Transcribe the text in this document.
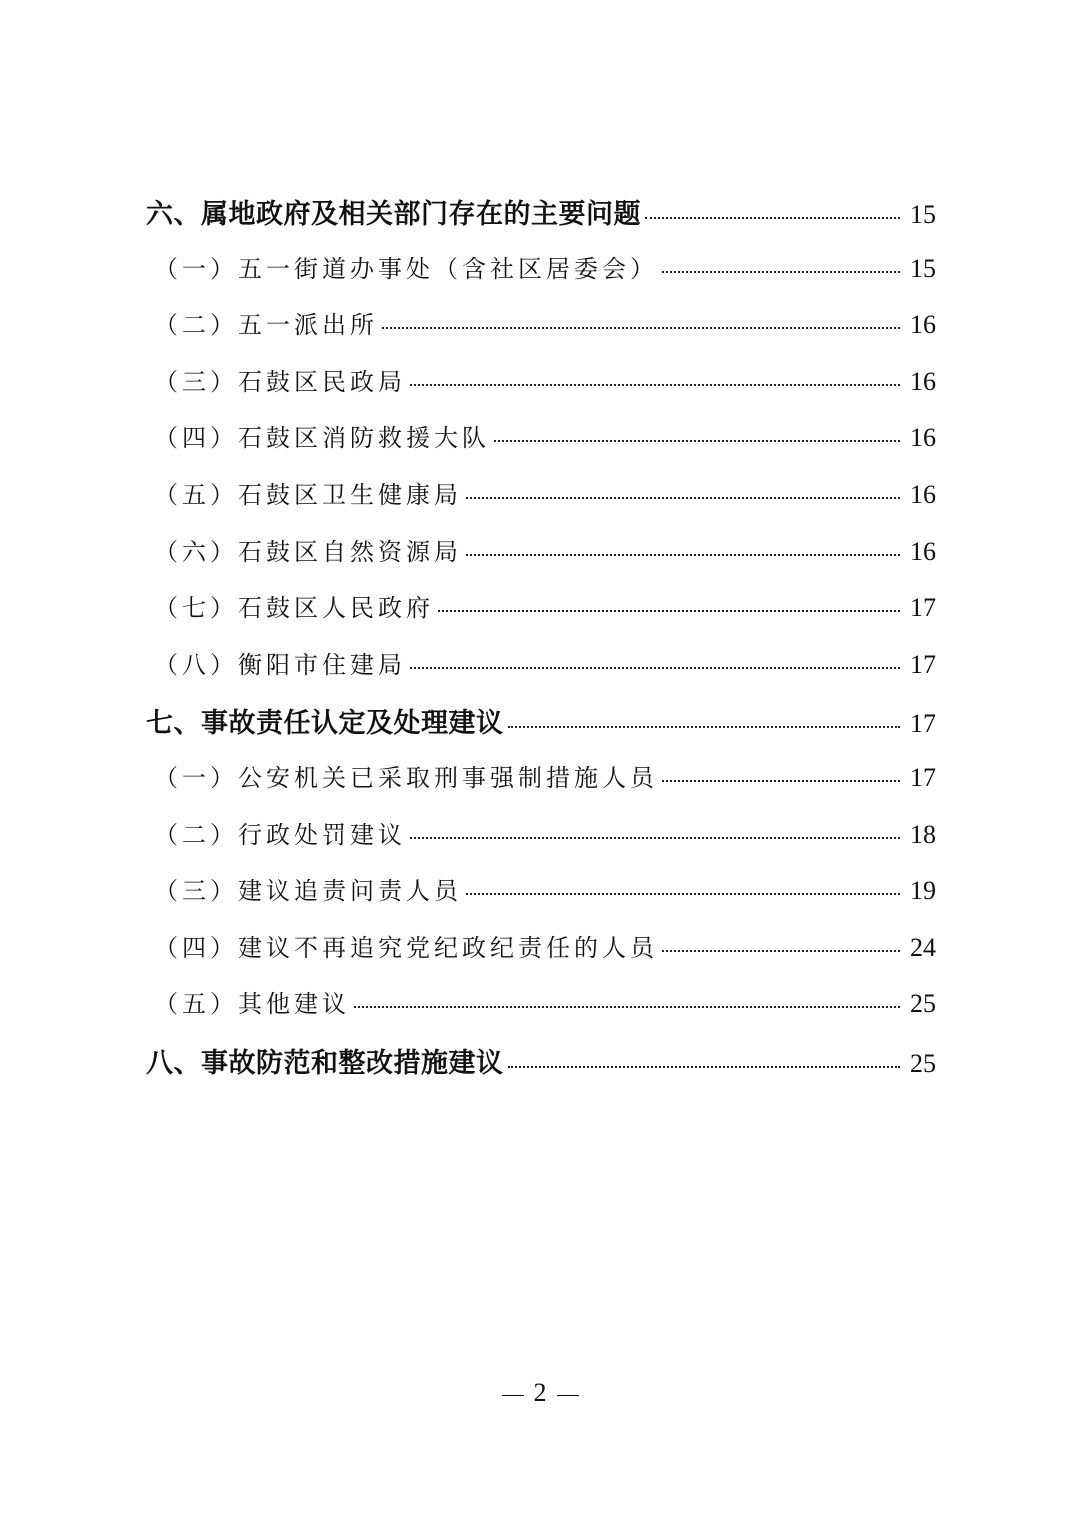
六、属地政府及相关部门存在的主要问题	15
（一）五一街道办事处（含社区居委会）	15
（二）五一派出所	16
（三）石鼓区民政局	16
（四）石鼓区消防救援大队	16
（五）石鼓区卫生健康局	16
（六）石鼓区自然资源局	16
（七）石鼓区人民政府	17
（八）衡阳市住建局	17
七、事故责任认定及处理建议	17
（一）公安机关已采取刑事强制措施人员	17
（二）行政处罚建议	18
（三）建议追责问责人员	19
（四）建议不再追究党纪政纪责任的人员	24
（五）其他建议	25
八、事故防范和整改措施建议	25
2
